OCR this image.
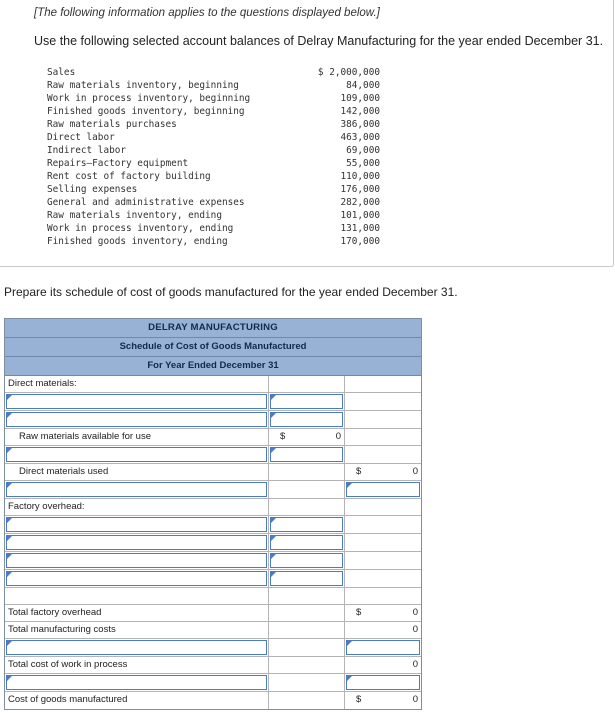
[The following information applies to the questions displayed below.]
Use the following selected account balances of Delray Manufacturing for the year ended December 31.
Sales	$ 2,000,000
Raw materials inventory, beginning	84,000
Work in process inventory, beginning	109,000
Finished goods inventory, beginning	142,000
Raw materials purchases	386,000
Direct labor	463,000
Indirect labor	69,000
Repairs—Factory equipment	55,000
Rent cost of factory building	110,000
Selling expenses	176,000
General and administrative expenses	282,000
Raw materials inventory, ending	101,000
Work in process inventory, ending	131,000
Finished goods inventory, ending	170,000
Prepare its schedule of cost of goods manufactured for the year ended December 31.
DELRAY MANUFACTURING
Schedule of Cost of Goods Manufactured
For Year Ended December 31
Direct materials:
Raw materials available for use	$	0
Direct materials used	$	0
Factory overhead:
Total factory overhead	$	0
Total manufacturing costs	0
Total cost of work in process	0
Cost of goods manufactured	$	0
